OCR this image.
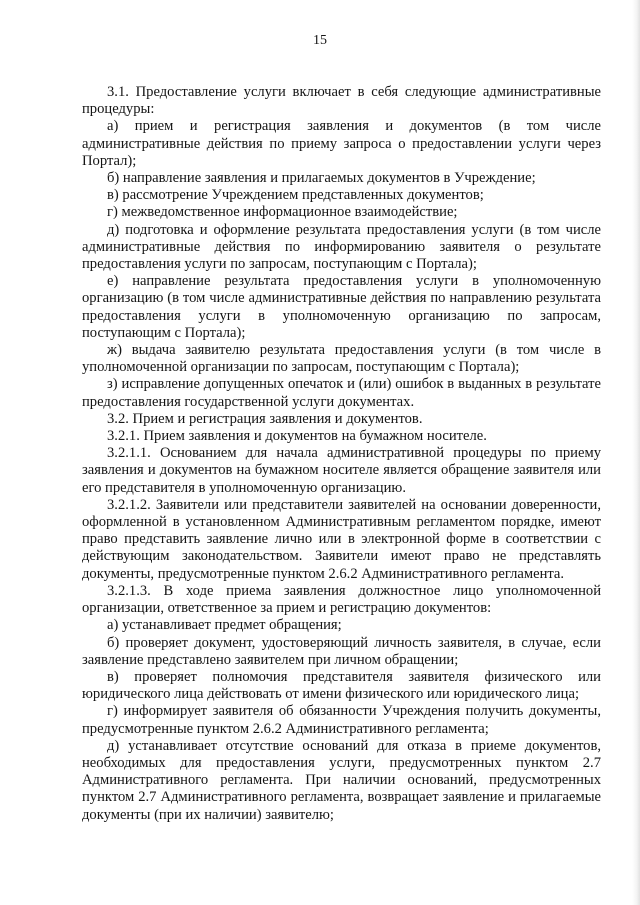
15

3.1. Предоставление услуги включает в себя следующие административные процедуры:

а) прием и регистрация заявления и документов (в том числе административные действия по приему запроса о предоставлении услуги через Портал);

б) направление заявления и прилагаемых документов в Учреждение;

в) рассмотрение Учреждением представленных документов;

г) межведомственное информационное взаимодействие;

д) подготовка и оформление результата предоставления услуги (в том числе административные действия по информированию заявителя о результате предоставления услуги по запросам, поступающим с Портала);

е) направление результата предоставления услуги в уполномоченную организацию (в том числе административные действия по направлению результата предоставления услуги в уполномоченную организацию по запросам, поступающим с Портала);

ж) выдача заявителю результата предоставления услуги (в том числе в уполномоченной организации по запросам, поступающим с Портала);

з) исправление допущенных опечаток и (или) ошибок в выданных в результате предоставления государственной услуги документах.

3.2. Прием и регистрация заявления и документов.

3.2.1. Прием заявления и документов на бумажном носителе.

3.2.1.1. Основанием для начала административной процедуры по приему заявления и документов на бумажном носителе является обращение заявителя или его представителя в уполномоченную организацию.

3.2.1.2. Заявители или представители заявителей на основании доверенности, оформленной в установленном Административным регламентом порядке, имеют право представить заявление лично или в электронной форме в соответствии с действующим законодательством. Заявители имеют право не представлять документы, предусмотренные пунктом 2.6.2 Административного регламента.

3.2.1.3. В ходе приема заявления должностное лицо уполномоченной организации, ответственное за прием и регистрацию документов:

а) устанавливает предмет обращения;

б) проверяет документ, удостоверяющий личность заявителя, в случае, если заявление представлено заявителем при личном обращении;

в) проверяет полномочия представителя заявителя физического или юридического лица действовать от имени физического или юридического лица;

г) информирует заявителя об обязанности Учреждения получить документы, предусмотренные пунктом 2.6.2 Административного регламента;

д) устанавливает отсутствие оснований для отказа в приеме документов, необходимых для предоставления услуги, предусмотренных пунктом 2.7 Административного регламента. При наличии оснований, предусмотренных пунктом 2.7 Административного регламента, возвращает заявление и прилагаемые документы (при их наличии) заявителю;
